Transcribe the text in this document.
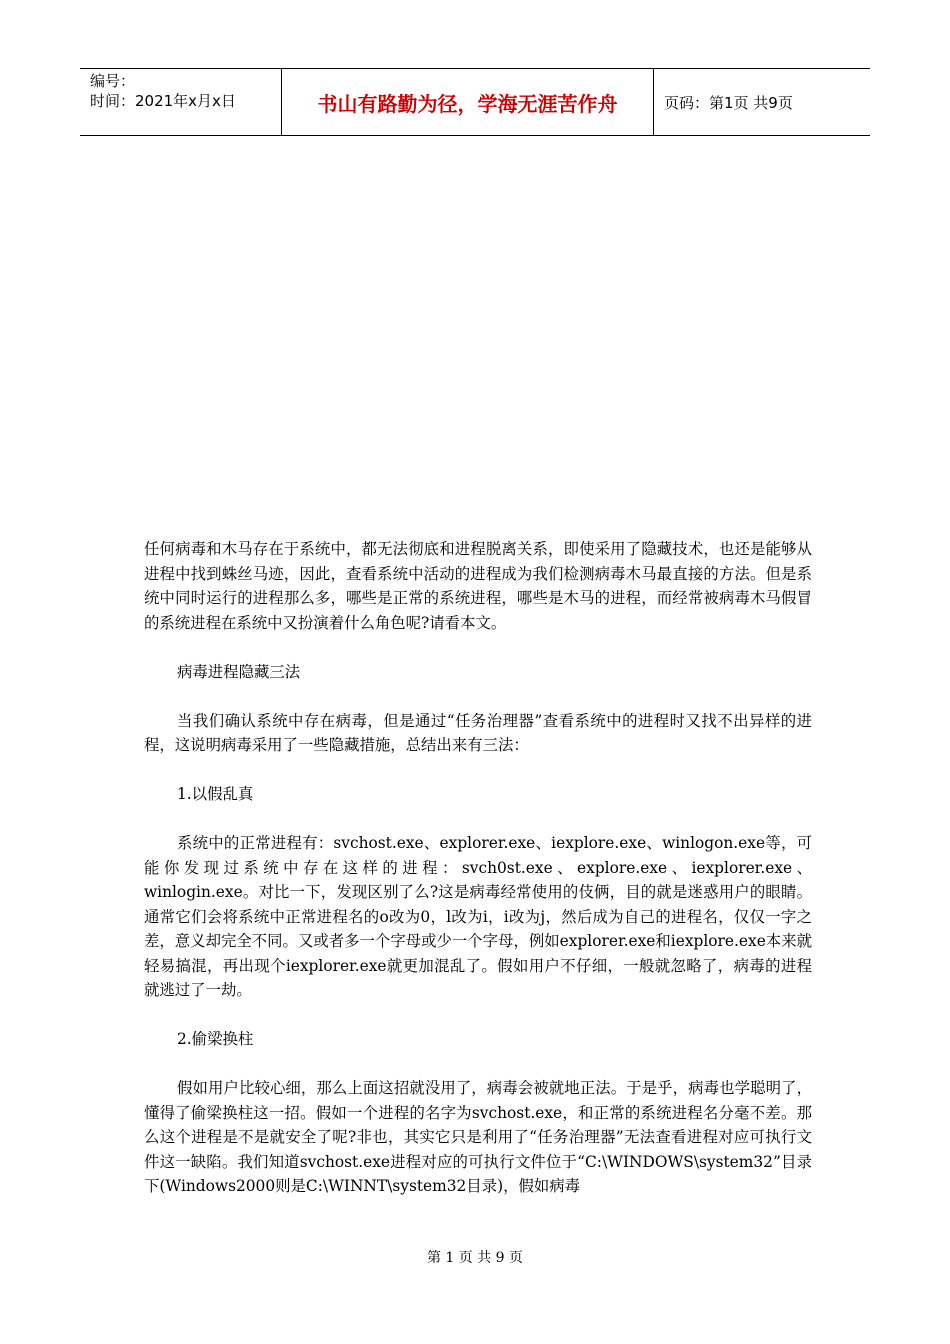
编号：
时间：2021年x月x日	书山有路勤为径，学海无涯苦作舟	页码：第1页 共9页

任何病毒和木马存在于系统中，都无法彻底和进程脱离关系，即使采用了隐藏技术，也还是能够从进程中找到蛛丝马迹，因此，查看系统中活动的进程成为我们检测病毒木马最直接的方法。但是系统中同时运行的进程那么多，哪些是正常的系统进程，哪些是木马的进程，而经常被病毒木马假冒的系统进程在系统中又扮演着什么角色呢?请看本文。

病毒进程隐藏三法

当我们确认系统中存在病毒，但是通过“任务治理器”查看系统中的进程时又找不出异样的进程，这说明病毒采用了一些隐藏措施，总结出来有三法：

1.以假乱真

系统中的正常进程有：svchost.exe、explorer.exe、iexplore.exe、winlogon.exe等，可能你发现过系统中存在这样的进程：svch0st.exe、explore.exe、iexplorer.exe、winlogin.exe。对比一下，发现区别了么?这是病毒经常使用的伎俩，目的就是迷惑用户的眼睛。通常它们会将系统中正常进程名的o改为0，l改为i，i改为j，然后成为自己的进程名，仅仅一字之差，意义却完全不同。又或者多一个字母或少一个字母，例如explorer.exe和iexplore.exe本来就轻易搞混，再出现个iexplorer.exe就更加混乱了。假如用户不仔细，一般就忽略了，病毒的进程就逃过了一劫。

2.偷梁换柱

假如用户比较心细，那么上面这招就没用了，病毒会被就地正法。于是乎，病毒也学聪明了，懂得了偷梁换柱这一招。假如一个进程的名字为svchost.exe，和正常的系统进程名分毫不差。那么这个进程是不是就安全了呢?非也，其实它只是利用了“任务治理器”无法查看进程对应可执行文件这一缺陷。我们知道svchost.exe进程对应的可执行文件位于“C:\WINDOWS\system32”目录下(Windows2000则是C:\WINNT\system32目录)，假如病毒

第 1 页 共 9 页
